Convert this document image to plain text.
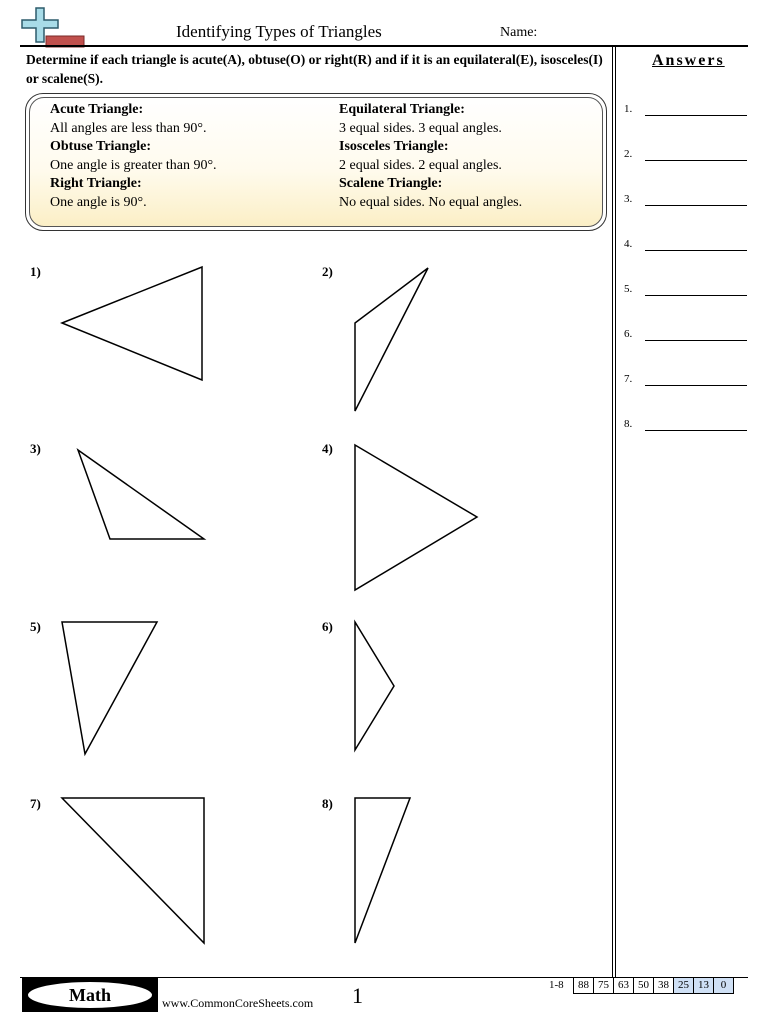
Identifying Types of Triangles	Name:
Determine if each triangle is acute(A), obtuse(O) or right(R) and if it is an equilateral(E), isosceles(I) or scalene(S).
Acute Triangle:
All angles are less than 90°.
Obtuse Triangle:
One angle is greater than 90°.
Right Triangle:
One angle is 90°.
Equilateral Triangle:
3 equal sides. 3 equal angles.
Isosceles Triangle:
2 equal sides. 2 equal angles.
Scalene Triangle:
No equal sides. No equal angles.
1)	2)
3)	4)
5)	6)
7)	8)
Answers
1.
2.
3.
4.
5.
6.
7.
8.
Math	www.CommonCoreSheets.com 1	1-8	88 75 63 50 38 25 13	0
